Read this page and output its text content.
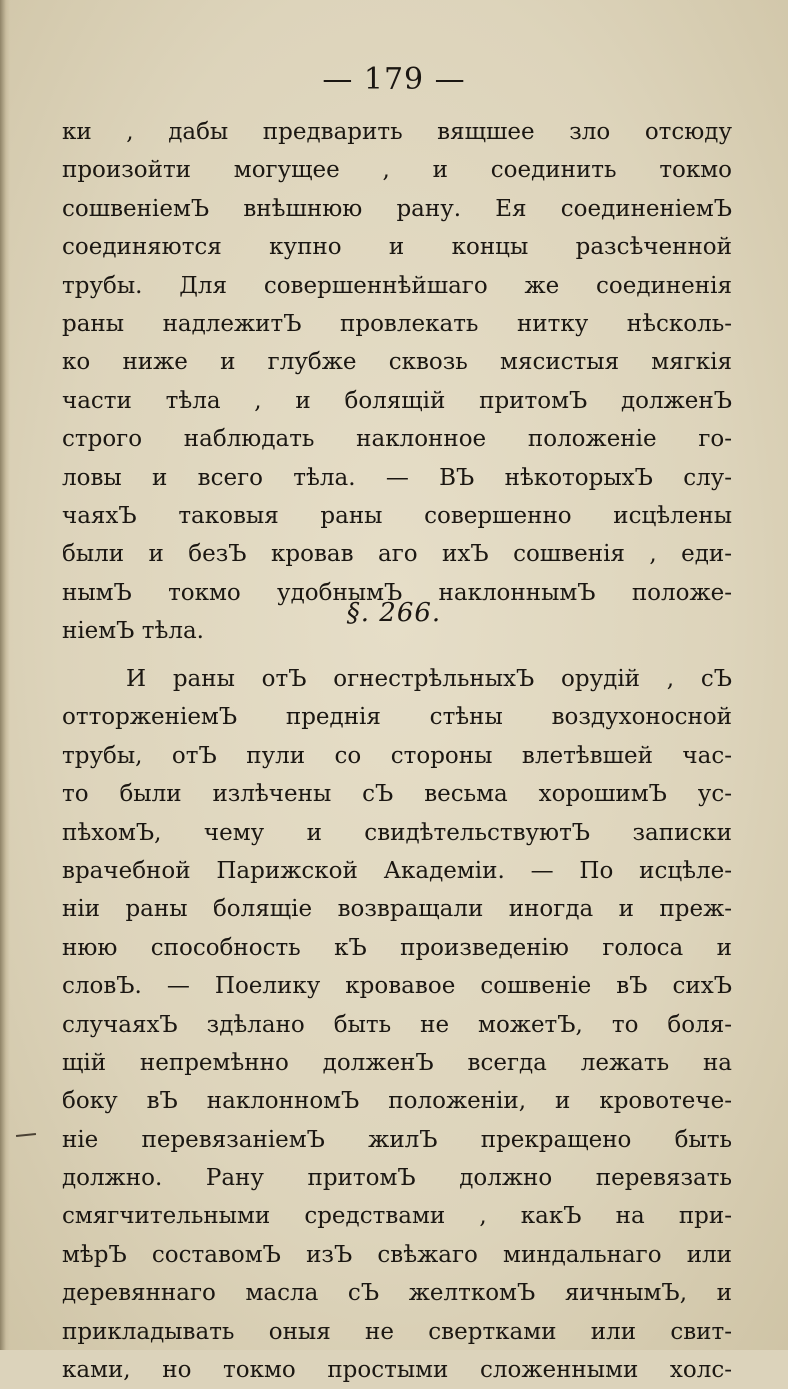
— 179 —
ки , дабы предварить вящшее зло отсюду
произойти могущее , и соединить токмо
сошвеніемЪ внѣшнюю рану. Ея соединеніемЪ
соединяются купно и концы разсѣченной
трубы. Для совершеннѣйшаго же соединенія
раны надлежитЪ провлекать нитку нѣсколь-
ко ниже и глубже сквозь мясистыя мягкія
части тѣла , и болящій притомЪ долженЪ
строго наблюдать наклонное положеніе го-
ловы и всего тѣла. — ВЪ нѣкоторыхЪ слу-
чаяхЪ таковыя раны совершенно исцѣлены
были и безЪ кровав аго ихЪ сошвенія , еди-
нымЪ токмо удобнымЪ наклоннымЪ положе-
ніемЪ тѣла.
§. 266.
И раны отЪ огнестрѣльныхЪ орудій , сЪ
отторженіемЪ преднія стѣны воздухоносной
трубы, отЪ пули со стороны влетѣвшей час-
то были излѣчены сЪ весьма хорошимЪ ус-
пѣхомЪ, чему и свидѣтельствуютЪ записки
врачебной Парижской Академіи. — По исцѣле-
ніи раны болящіе возвращали иногда и преж-
нюю способность кЪ произведенію голоса и
словЪ. — Поелику кровавое сошвеніе вЪ сихЪ
случаяхЪ здѣлано быть не можетЪ, то боля-
щій непремѣнно долженЪ всегда лежать на
боку вЪ наклонномЪ положеніи, и кровотече-
ніе перевязаніемЪ жилЪ прекращено быть
должно. Рану притомЪ должно перевязать
смягчительными средствами , какЪ на при-
мѣрЪ составомЪ изЪ свѣжаго миндальнаго или
деревяннаго масла сЪ желткомЪ яичнымЪ, и
прикладывать оныя не свертками или свит-
ками, но токмо простыми сложенными холс-
